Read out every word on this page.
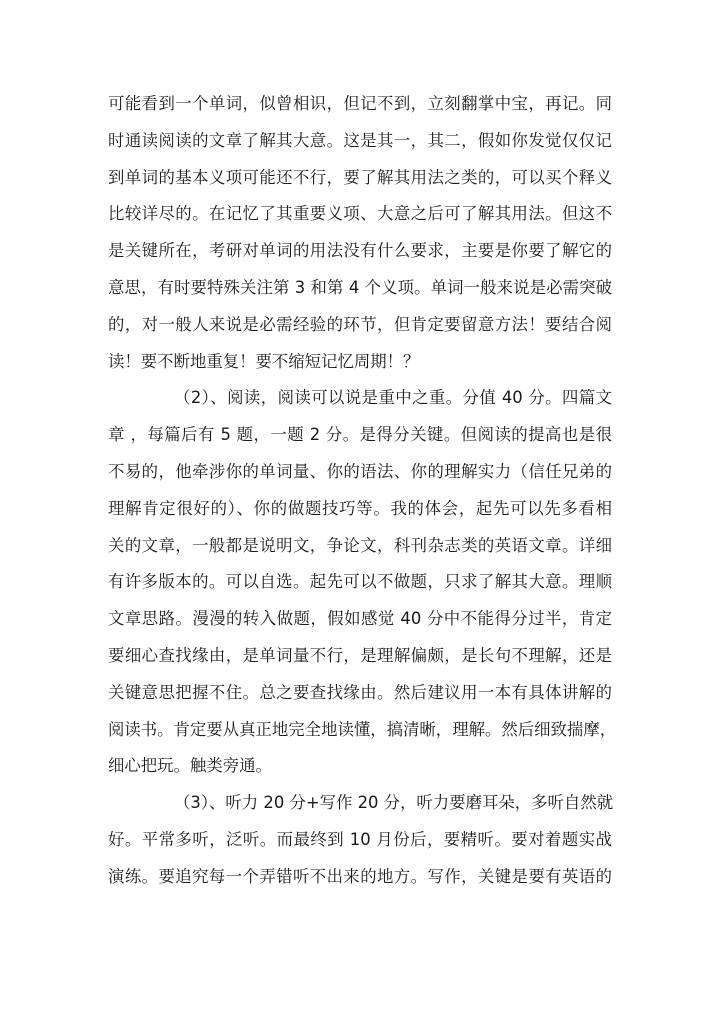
可能看到一个单词，似曾相识，但记不到，立刻翻掌中宝，再记。同
时通读阅读的文章了解其大意。这是其一，其二，假如你发觉仅仅记
到单词的基本义项可能还不行，要了解其用法之类的，可以买个释义
比较详尽的。在记忆了其重要义项、大意之后可了解其用法。但这不
是关键所在，考研对单词的用法没有什么要求，主要是你要了解它的
意思，有时要特殊关注第 3 和第 4 个义项。单词一般来说是必需突破
的，对一般人来说是必需经验的环节，但肯定要留意方法！要结合阅
读！要不断地重复！要不缩短记忆周期！？
（2）、阅读，阅读可以说是重中之重。分值 40 分。四篇文
章 ，每篇后有 5 题，一题 2 分。是得分关键。但阅读的提高也是很
不易的，他牵涉你的单词量、你的语法、你的理解实力（信任兄弟的
理解肯定很好的）、你的做题技巧等。我的体会，起先可以先多看相
关的文章，一般都是说明文，争论文，科刊杂志类的英语文章。详细
有许多版本的。可以自选。起先可以不做题，只求了解其大意。理顺
文章思路。漫漫的转入做题，假如感觉 40 分中不能得分过半，肯定
要细心查找缘由，是单词量不行，是理解偏颇，是长句不理解，还是
关键意思把握不住。总之要查找缘由。然后建议用一本有具体讲解的
阅读书。肯定要从真正地完全地读懂，搞清晰，理解。然后细致揣摩，
细心把玩。触类旁通。
（3）、听力 20 分+写作 20 分，听力要磨耳朵，多听自然就
好。平常多听，泛听。而最终到 10 月份后，要精听。要对着题实战
演练。要追究每一个弄错听不出来的地方。写作，关键是要有英语的
